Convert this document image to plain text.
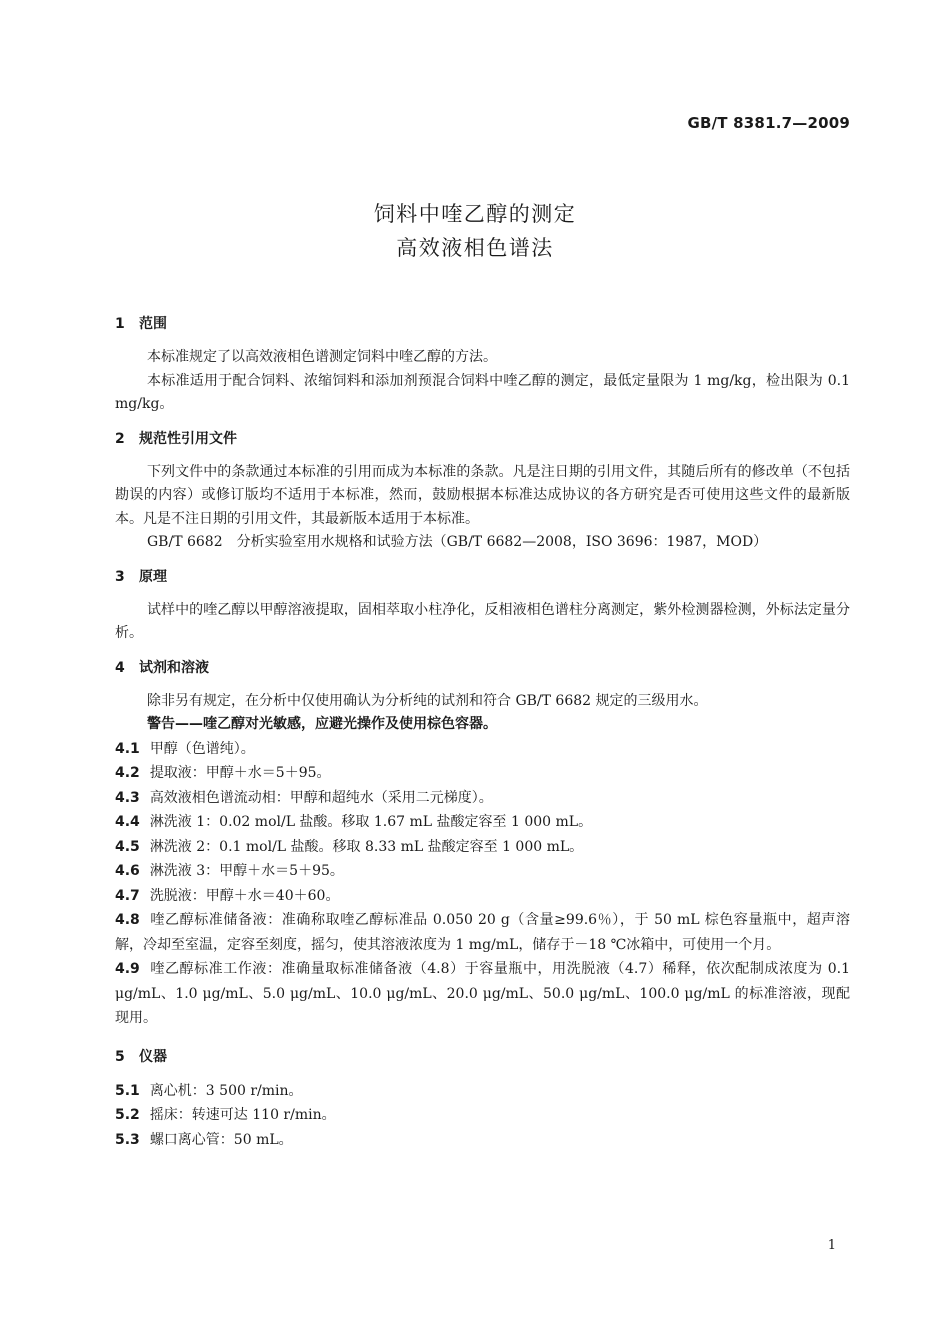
GB/T 8381.7—2009
饲料中喹乙醇的测定
高效液相色谱法
1 范围
本标准规定了以高效液相色谱测定饲料中喹乙醇的方法。
本标准适用于配合饲料、浓缩饲料和添加剂预混合饲料中喹乙醇的测定，最低定量限为 1 mg/kg，检出限为 0.1 mg/kg。
2 规范性引用文件
下列文件中的条款通过本标准的引用而成为本标准的条款。凡是注日期的引用文件，其随后所有的修改单（不包括勘误的内容）或修订版均不适用于本标准，然而，鼓励根据本标准达成协议的各方研究是否可使用这些文件的最新版本。凡是不注日期的引用文件，其最新版本适用于本标准。
GB/T 6682　分析实验室用水规格和试验方法（GB/T 6682—2008，ISO 3696：1987，MOD）
3 原理
试样中的喹乙醇以甲醇溶液提取，固相萃取小柱净化，反相液相色谱柱分离测定，紫外检测器检测，外标法定量分析。
4 试剂和溶液
除非另有规定，在分析中仅使用确认为分析纯的试剂和符合 GB/T 6682 规定的三级用水。
警告——喹乙醇对光敏感，应避光操作及使用棕色容器。
4.1 甲醇（色谱纯）。
4.2 提取液：甲醇＋水＝5＋95。
4.3 高效液相色谱流动相：甲醇和超纯水（采用二元梯度）。
4.4 淋洗液 1：0.02 mol/L 盐酸。移取 1.67 mL 盐酸定容至 1 000 mL。
4.5 淋洗液 2：0.1 mol/L 盐酸。移取 8.33 mL 盐酸定容至 1 000 mL。
4.6 淋洗液 3：甲醇＋水＝5＋95。
4.7 洗脱液：甲醇＋水＝40＋60。
4.8 喹乙醇标准储备液：准确称取喹乙醇标准品 0.050 20 g（含量≥99.6％），于 50 mL 棕色容量瓶中，超声溶解，冷却至室温，定容至刻度，摇匀，使其溶液浓度为 1 mg/mL，储存于－18 ℃冰箱中，可使用一个月。
4.9 喹乙醇标准工作液：准确量取标准储备液（4.8）于容量瓶中，用洗脱液（4.7）稀释，依次配制成浓度为 0.1 μg/mL、1.0 μg/mL、5.0 μg/mL、10.0 μg/mL、20.0 μg/mL、50.0 μg/mL、100.0 μg/mL 的标准溶液，现配现用。
5 仪器
5.1 离心机：3 500 r/min。
5.2 摇床：转速可达 110 r/min。
5.3 螺口离心管：50 mL。
1
